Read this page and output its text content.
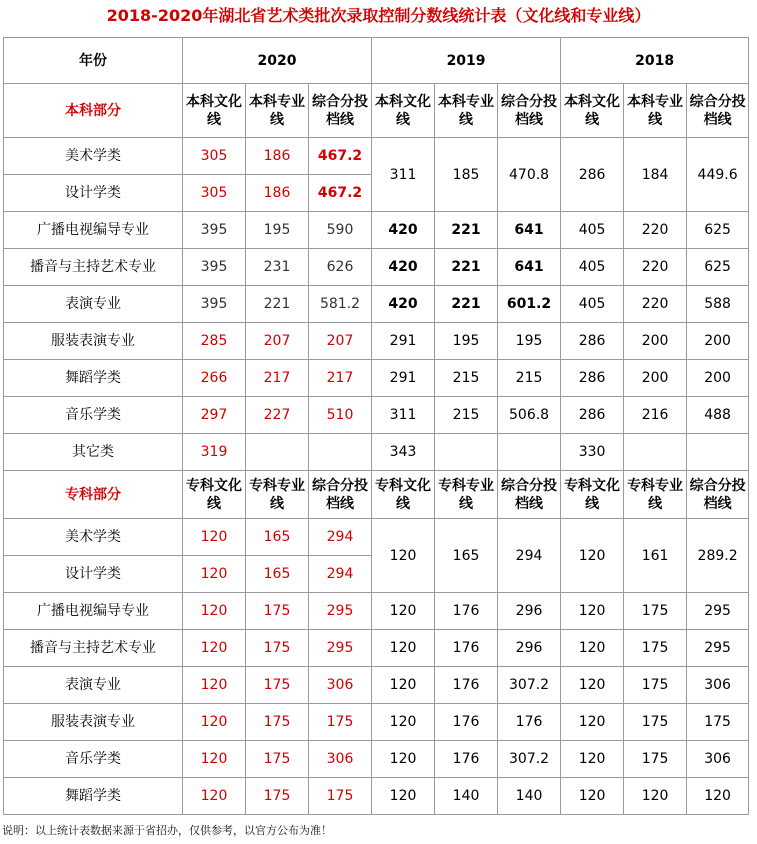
2018-2020年湖北省艺术类批次录取控制分数线统计表（文化线和专业线）
年份	2020			2019			2018		
本科部分	本科文化线	本科专业线	综合分投档线	本科文化线	本科专业线	综合分投档线	本科文化线	本科专业线	综合分投档线
美术学类	305	186	467.2	311	185	470.8	286	184	449.6
设计学类	305	186	467.2						
广播电视编导专业	395	195	590	420	221	641	405	220	625
播音与主持艺术专业	395	231	626	420	221	641	405	220	625
表演专业	395	221	581.2	420	221	601.2	405	220	588
服装表演专业	285	207	207	291	195	195	286	200	200
舞蹈学类	266	217	217	291	215	215	286	200	200
音乐学类	297	227	510	311	215	506.8	286	216	488
其它类	319			343			330		
专科部分	专科文化线	专科专业线	综合分投档线	专科文化线	专科专业线	综合分投档线	专科文化线	专科专业线	综合分投档线
美术学类	120	165	294	120	165	294	120	161	289.2
设计学类	120	165	294						
广播电视编导专业	120	175	295	120	176	296	120	175	295
播音与主持艺术专业	120	175	295	120	176	296	120	175	295
表演专业	120	175	306	120	176	307.2	120	175	306
服装表演专业	120	175	175	120	176	176	120	175	175
音乐学类	120	175	306	120	176	307.2	120	175	306
舞蹈学类	120	175	175	120	140	140	120	120	120
说明：以上统计表数据来源于省招办，仅供参考，以官方公布为准！
